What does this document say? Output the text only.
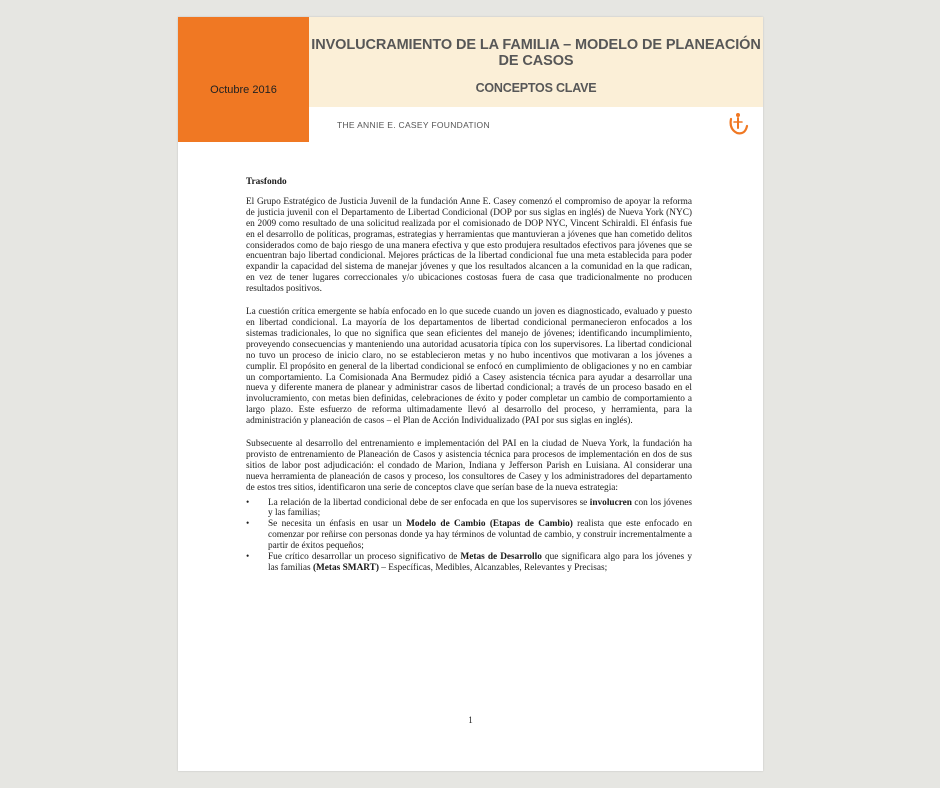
Octubre 2016
INVOLUCRAMIENTO DE LA FAMILIA – MODELO DE PLANEACIÓN DE CASOS
CONCEPTOS CLAVE
THE ANNIE E. CASEY FOUNDATION
Trasfondo

El Grupo Estratégico de Justicia Juvenil de la fundación Anne E. Casey comenzó el compromiso de apoyar la reforma de justicia juvenil con el Departamento de Libertad Condicional (DOP por sus siglas en inglés) de Nueva York (NYC) en 2009 como resultado de una solicitud realizada por el comisionado de DOP NYC, Vincent Schiraldi. El énfasis fue en el desarrollo de políticas, programas, estrategias y herramientas que mantuvieran a jóvenes que han cometido delitos considerados como de bajo riesgo de una manera efectiva y que esto produjera resultados efectivos para jóvenes que se encuentran bajo libertad condicional. Mejores prácticas de la libertad condicional fue una meta establecida para poder expandir la capacidad del sistema de manejar jóvenes y que los resultados alcancen a la comunidad en la que radican, en vez de tener lugares correccionales y/o ubicaciones costosas fuera de casa que tradicionalmente no producen resultados positivos.

La cuestión crítica emergente se había enfocado en lo que sucede cuando un joven es diagnosticado, evaluado y puesto en libertad condicional. La mayoría de los departamentos de libertad condicional permanecieron enfocados a los sistemas tradicionales, lo que no significa que sean eficientes del manejo de jóvenes; identificando incumplimiento, proveyendo consecuencias y manteniendo una autoridad acusatoria típica con los supervisores. La libertad condicional no tuvo un proceso de inicio claro, no se establecieron metas y no hubo incentivos que motivaran a los jóvenes a cumplir. El propósito en general de la libertad condicional se enfocó en cumplimiento de obligaciones y no en cambiar un comportamiento. La Comisionada Ana Bermudez pidió a Casey asistencia técnica para ayudar a desarrollar una nueva y diferente manera de planear y administrar casos de libertad condicional; a través de un proceso basado en el involucramiento, con metas bien definidas, celebraciones de éxito y poder completar un cambio de comportamiento a largo plazo. Este esfuerzo de reforma ultimadamente llevó al desarrollo del proceso, y herramienta, para la administración y planeación de casos – el Plan de Acción Individualizado (PAI por sus siglas en inglés).

Subsecuente al desarrollo del entrenamiento e implementación del PAI en la ciudad de Nueva York, la fundación ha provisto de entrenamiento de Planeación de Casos y asistencia técnica para procesos de implementación en dos de sus sitios de labor post adjudicación: el condado de Marion, Indiana y Jefferson Parish en Luisiana. Al considerar una nueva herramienta de planeación de casos y proceso, los consultores de Casey y los administradores del departamento de estos tres sitios, identificaron una serie de conceptos clave que serían base de la nueva estrategia:

• La relación de la libertad condicional debe de ser enfocada en que los supervisores se involucren con los jóvenes y las familias;
• Se necesita un énfasis en usar un Modelo de Cambio (Etapas de Cambio) realista que este enfocado en comenzar por reñirse con personas donde ya hay términos de voluntad de cambio, y construir incrementalmente a partir de éxitos pequeños;
• Fue crítico desarrollar un proceso significativo de Metas de Desarrollo que significara algo para los jóvenes y las familias (Metas SMART) – Específicas, Medibles, Alcanzables, Relevantes y Precisas;
1
